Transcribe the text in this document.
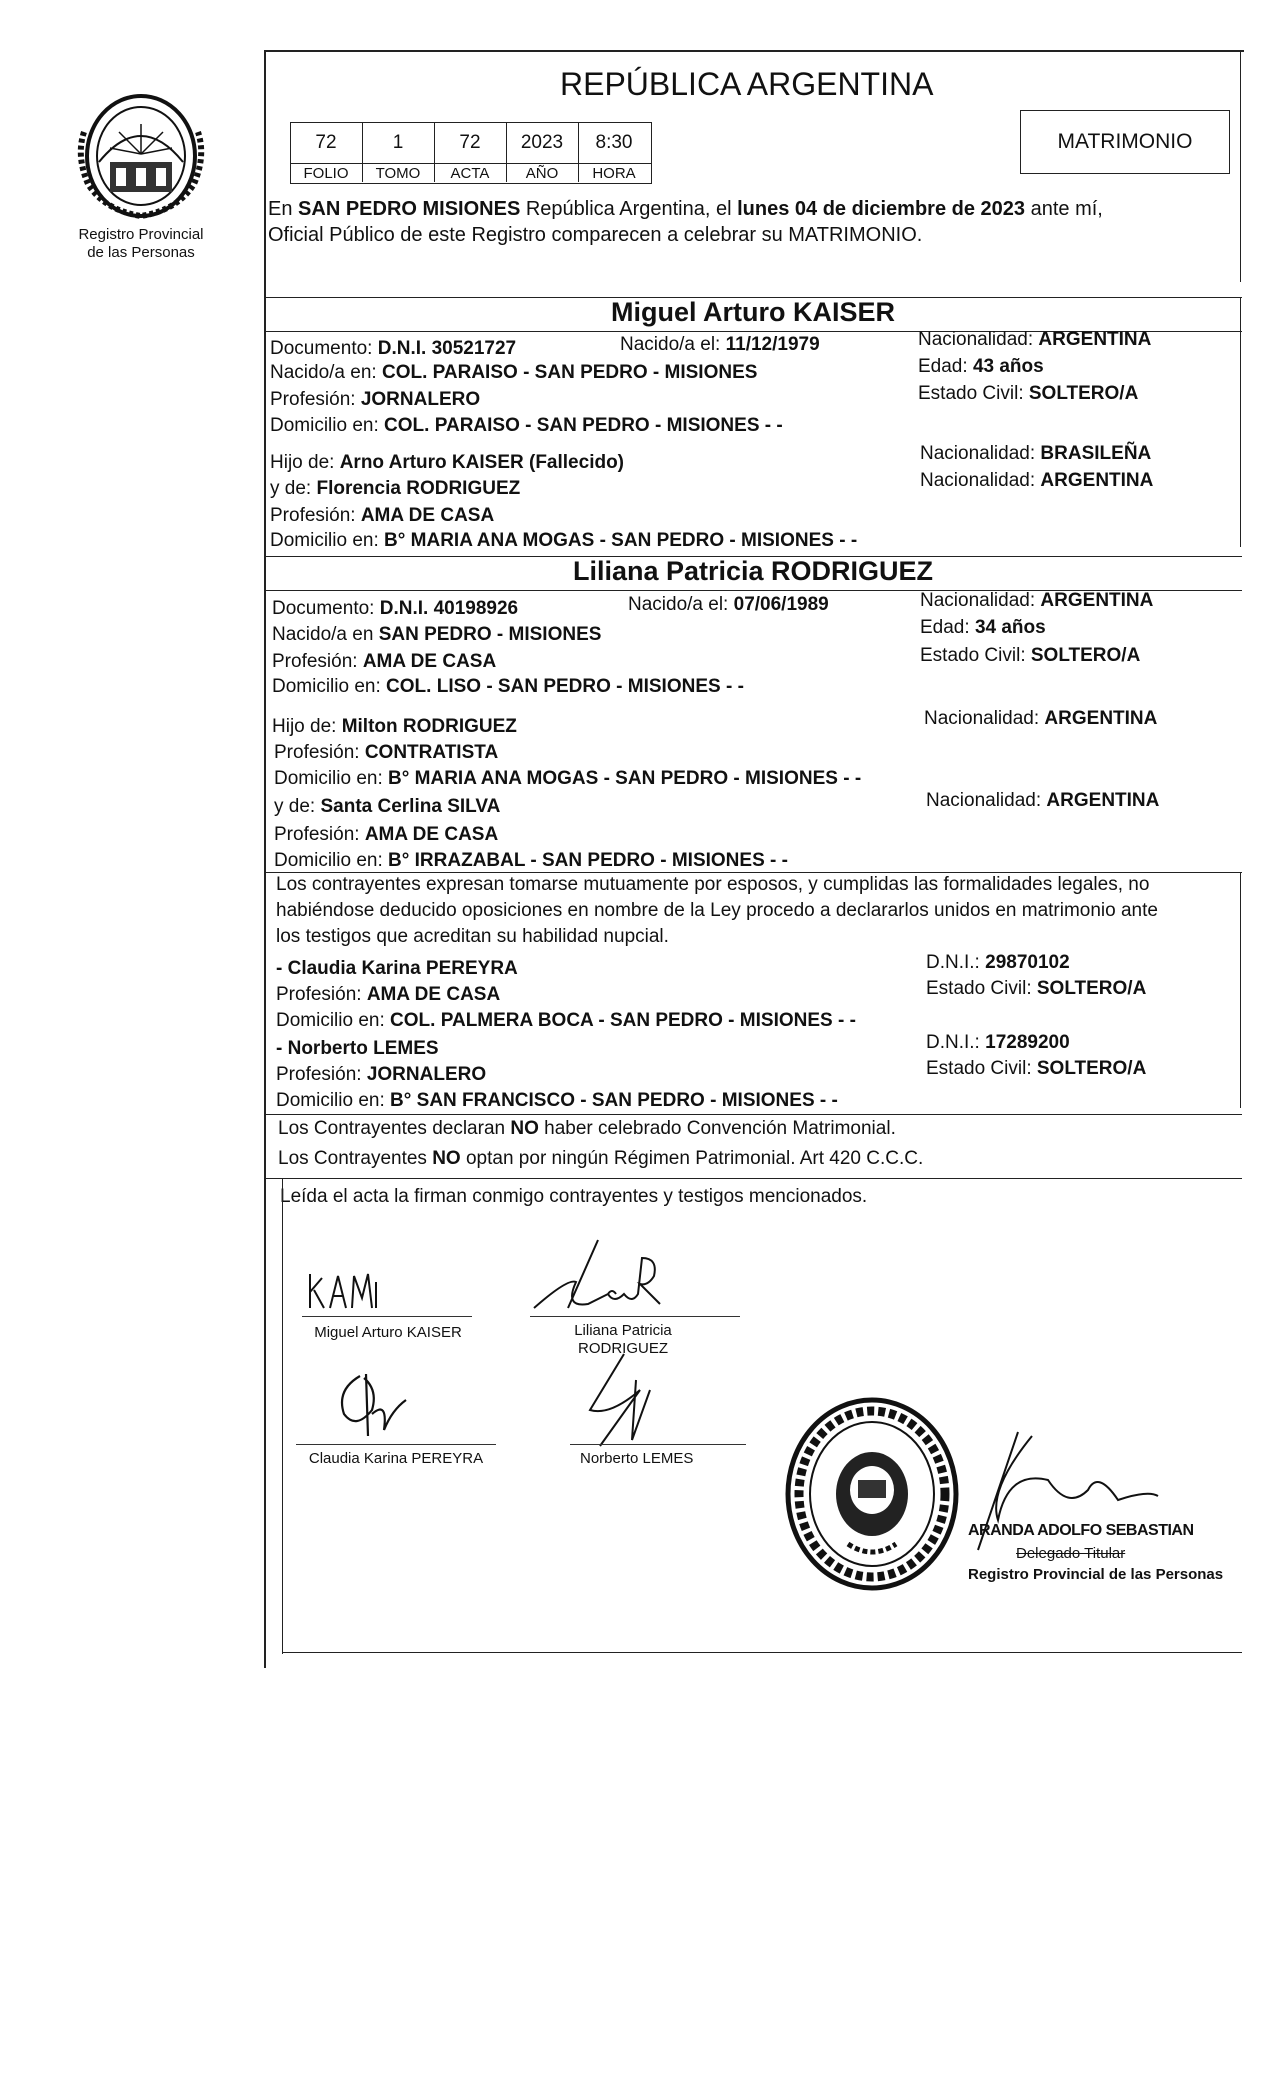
Registro Provincial
de las Personas
REPÚBLICA ARGENTINA
72	1	72	2023	8:30
FOLIO	TOMO	ACTA	AÑO	HORA
MATRIMONIO
En SAN PEDRO MISIONES República Argentina, el lunes 04 de diciembre de 2023 ante mí,
Oficial Público de este Registro comparecen a celebrar su MATRIMONIO.
Miguel Arturo KAISER
Documento: D.N.I. 30521727	Nacido/a el: 11/12/1979	Nacionalidad: ARGENTINA
Nacido/a en: COL. PARAISO - SAN PEDRO - MISIONES	Edad: 43 años
Profesión: JORNALERO	Estado Civil: SOLTERO/A
Domicilio en: COL. PARAISO - SAN PEDRO - MISIONES - -
Hijo de: Arno Arturo KAISER (Fallecido)	Nacionalidad: BRASILEÑA
y de: Florencia RODRIGUEZ	Nacionalidad: ARGENTINA
Profesión: AMA DE CASA
Domicilio en: B° MARIA ANA MOGAS - SAN PEDRO - MISIONES - -
Liliana Patricia RODRIGUEZ
Documento: D.N.I. 40198926	Nacido/a el: 07/06/1989	Nacionalidad: ARGENTINA
Nacido/a en SAN PEDRO - MISIONES	Edad: 34 años
Profesión: AMA DE CASA	Estado Civil: SOLTERO/A
Domicilio en: COL. LISO - SAN PEDRO - MISIONES - -
Hijo de: Milton RODRIGUEZ	Nacionalidad: ARGENTINA
Profesión: CONTRATISTA
Domicilio en: B° MARIA ANA MOGAS - SAN PEDRO - MISIONES - -
y de: Santa Cerlina SILVA	Nacionalidad: ARGENTINA
Profesión: AMA DE CASA
Domicilio en: B° IRRAZABAL - SAN PEDRO - MISIONES - -
Los contrayentes expresan tomarse mutuamente por esposos, y cumplidas las formalidades legales, no
habiéndose deducido oposiciones en nombre de la Ley procedo a declararlos unidos en matrimonio ante
los testigos que acreditan su habilidad nupcial.
- Claudia Karina PEREYRA	D.N.I.: 29870102
Profesión: AMA DE CASA	Estado Civil: SOLTERO/A
Domicilio en: COL. PALMERA BOCA - SAN PEDRO - MISIONES - -
- Norberto LEMES	D.N.I.: 17289200
Profesión: JORNALERO	Estado Civil: SOLTERO/A
Domicilio en: B° SAN FRANCISCO - SAN PEDRO - MISIONES - -
Los Contrayentes declaran NO haber celebrado Convención Matrimonial.
Los Contrayentes NO optan por ningún Régimen Patrimonial. Art 420 C.C.C.
Leída el acta la firman conmigo contrayentes y testigos mencionados.
Miguel Arturo KAISER	Liliana Patricia
RODRIGUEZ
Claudia Karina PEREYRA	Norberto LEMES
ARANDA ADOLFO SEBASTIAN
Delegado Titular
Registro Provincial de las Personas
